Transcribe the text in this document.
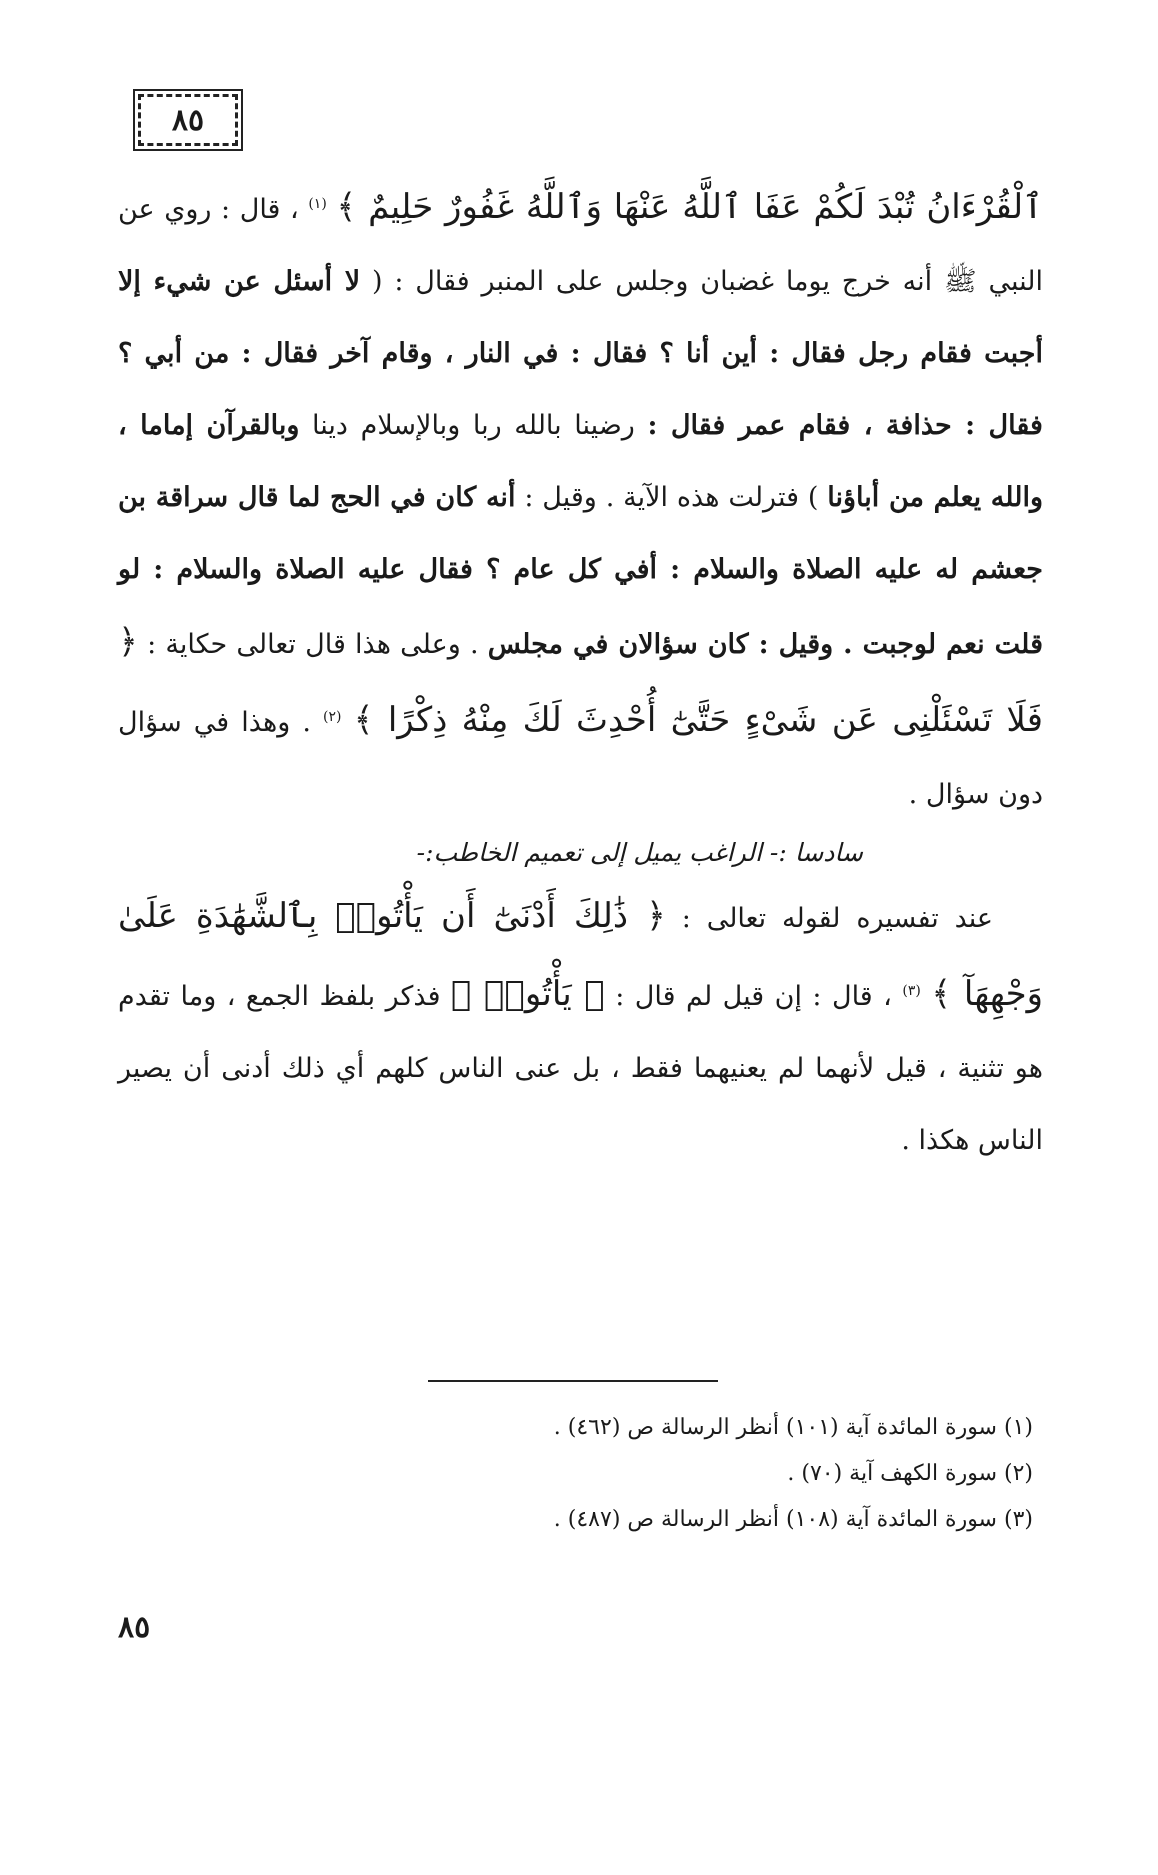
٨٥

ٱلْقُرْءَانُ تُبْدَ لَكُمْ عَفَا ٱللَّهُ عَنْهَا وَٱللَّهُ غَفُورٌ حَلِيمٌ ﴾ $^{(١)}$ ، قال : روي عن النبي ﷺ أنه خرج يوما غضبان وجلس على المنبر فقال : ( لا أسئل عن شيء إلا أجبت فقام رجل فقال : أين أنا ؟ فقال : في النار ، وقام آخر فقال : من أبي ؟ فقال : حذافة ، فقام عمر فقال : رضينا بالله ربا وبالإسلام دينا وبالقرآن إماما ، والله يعلم من أباؤنا ) فترلت هذه الآية . وقيل : أنه كان في الحج لما قال سراقة بن جعشم له عليه الصلاة والسلام : أفي كل عام ؟ فقال عليه الصلاة والسلام : لو قلت نعم لوجبت . وقيل : كان سؤالان في مجلس . وعلى هذا قال تعالى حكاية : ﴿ فَلَا تَسْئَلْنِى عَن شَىْءٍ حَتَّىٰٓ أُحْدِثَ لَكَ مِنْهُ ذِكْرًا ﴾ $^{(٢)}$ . وهذا في سؤال دون سؤال .

سادسا :- الراغب يميل إلى تعميم الخاطب:-

عند تفسيره لقوله تعالى : ﴿ ذَٰلِكَ أَدْنَىٰٓ أَن يَأْتُوا۟ بِٱلشَّهَٰدَةِ عَلَىٰ وَجْهِهَآ ﴾ $^{(٣)}$ ، قال : إن قيل لم قال : ﴿ يَأْتُوا۟ ﴾ فذكر بلفظ الجمع ، وما تقدم هو تثنية ، قيل لأنهما لم يعنيهما فقط ، بل عنى الناس كلهم أي ذلك أدنى أن يصير الناس هكذا .

(١) سورة المائدة آية (١٠١) أنظر الرسالة ص (٤٦٢) .
(٢) سورة الكهف آية (٧٠) .
(٣) سورة المائدة آية (١٠٨) أنظر الرسالة ص (٤٨٧) .
٨٥
